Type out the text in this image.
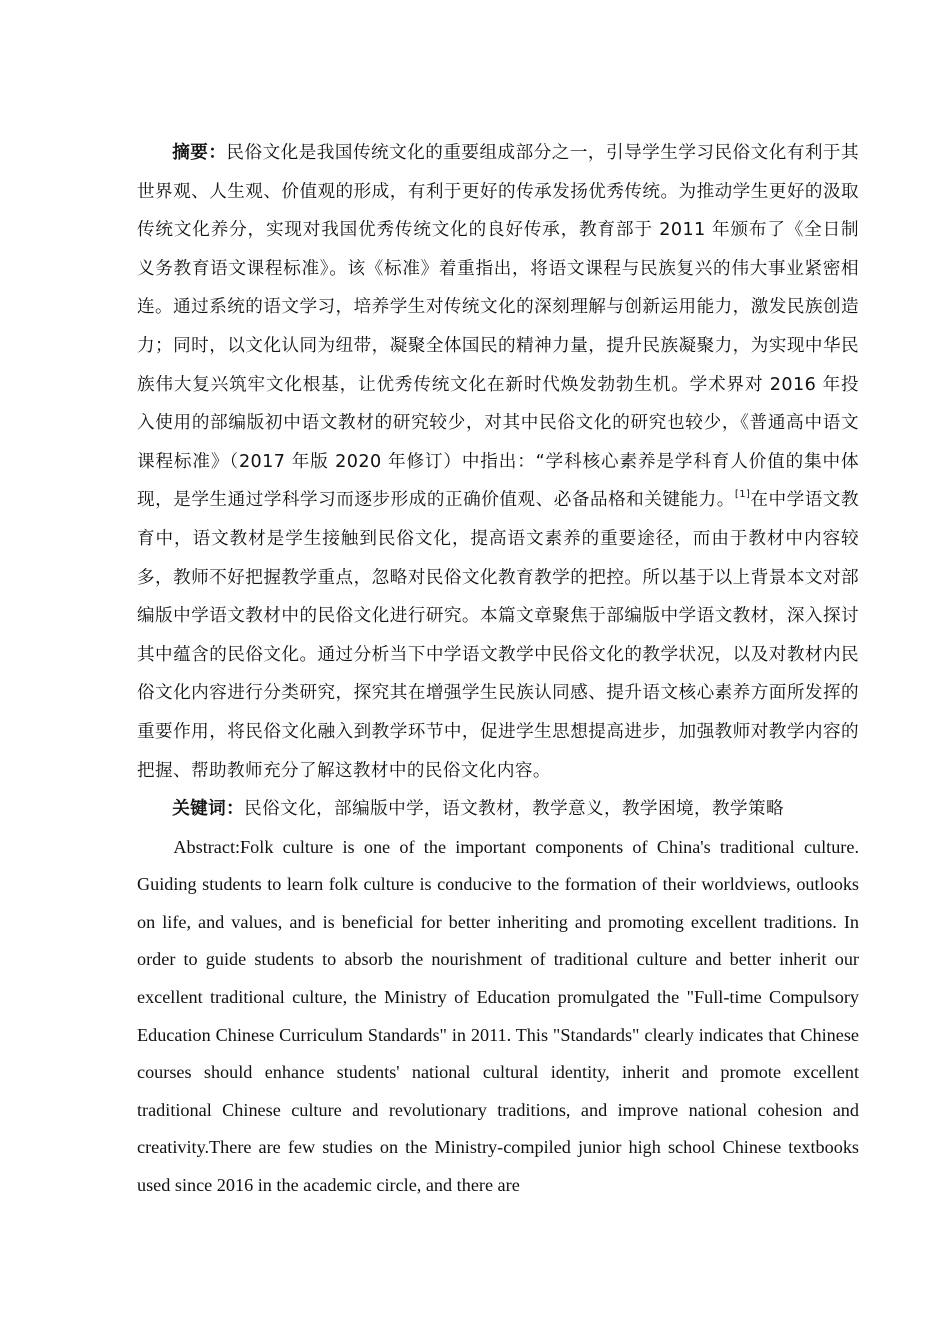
摘要：民俗文化是我国传统文化的重要组成部分之一，引导学生学习民俗文化有利于其世界观、人生观、价值观的形成，有利于更好的传承发扬优秀传统。为推动学生更好的汲取传统文化养分，实现对我国优秀传统文化的良好传承，教育部于 2011 年颁布了《全日制义务教育语文课程标准》。该《标准》着重指出，将语文课程与民族复兴的伟大事业紧密相连。通过系统的语文学习，培养学生对传统文化的深刻理解与创新运用能力，激发民族创造力；同时，以文化认同为纽带，凝聚全体国民的精神力量，提升民族凝聚力，为实现中华民族伟大复兴筑牢文化根基，让优秀传统文化在新时代焕发勃勃生机。学术界对 2016 年投入使用的部编版初中语文教材的研究较少，对其中民俗文化的研究也较少，《普通高中语文课程标准》（2017 年版 2020 年修订）中指出：“学科核心素养是学科育人价值的集中体现，是学生通过学科学习而逐步形成的正确价值观、必备品格和关键能力。[1]在中学语文教育中，语文教材是学生接触到民俗文化，提高语文素养的重要途径，而由于教材中内容较多，教师不好把握教学重点，忽略对民俗文化教育教学的把控。所以基于以上背景本文对部编版中学语文教材中的民俗文化进行研究。本篇文章聚焦于部编版中学语文教材，深入探讨其中蕴含的民俗文化。通过分析当下中学语文教学中民俗文化的教学状况，以及对教材内民俗文化内容进行分类研究，探究其在增强学生民族认同感、提升语文核心素养方面所发挥的重要作用，将民俗文化融入到教学环节中，促进学生思想提高进步，加强教师对教学内容的把握、帮助教师充分了解这教材中的民俗文化内容。

关键词：民俗文化，部编版中学，语文教材，教学意义，教学困境，教学策略

Abstract:Folk culture is one of the important components of China's traditional culture. Guiding students to learn folk culture is conducive to the formation of their worldviews, outlooks on life, and values, and is beneficial for better inheriting and promoting excellent traditions. In order to guide students to absorb the nourishment of traditional culture and better inherit our excellent traditional culture, the Ministry of Education promulgated the "Full-time Compulsory Education Chinese Curriculum Standards" in 2011. This "Standards" clearly indicates that Chinese courses should enhance students' national cultural identity, inherit and promote excellent traditional Chinese culture and revolutionary traditions, and improve national cohesion and creativity.There are few studies on the Ministry-compiled junior high school Chinese textbooks used since 2016 in the academic circle, and there are
